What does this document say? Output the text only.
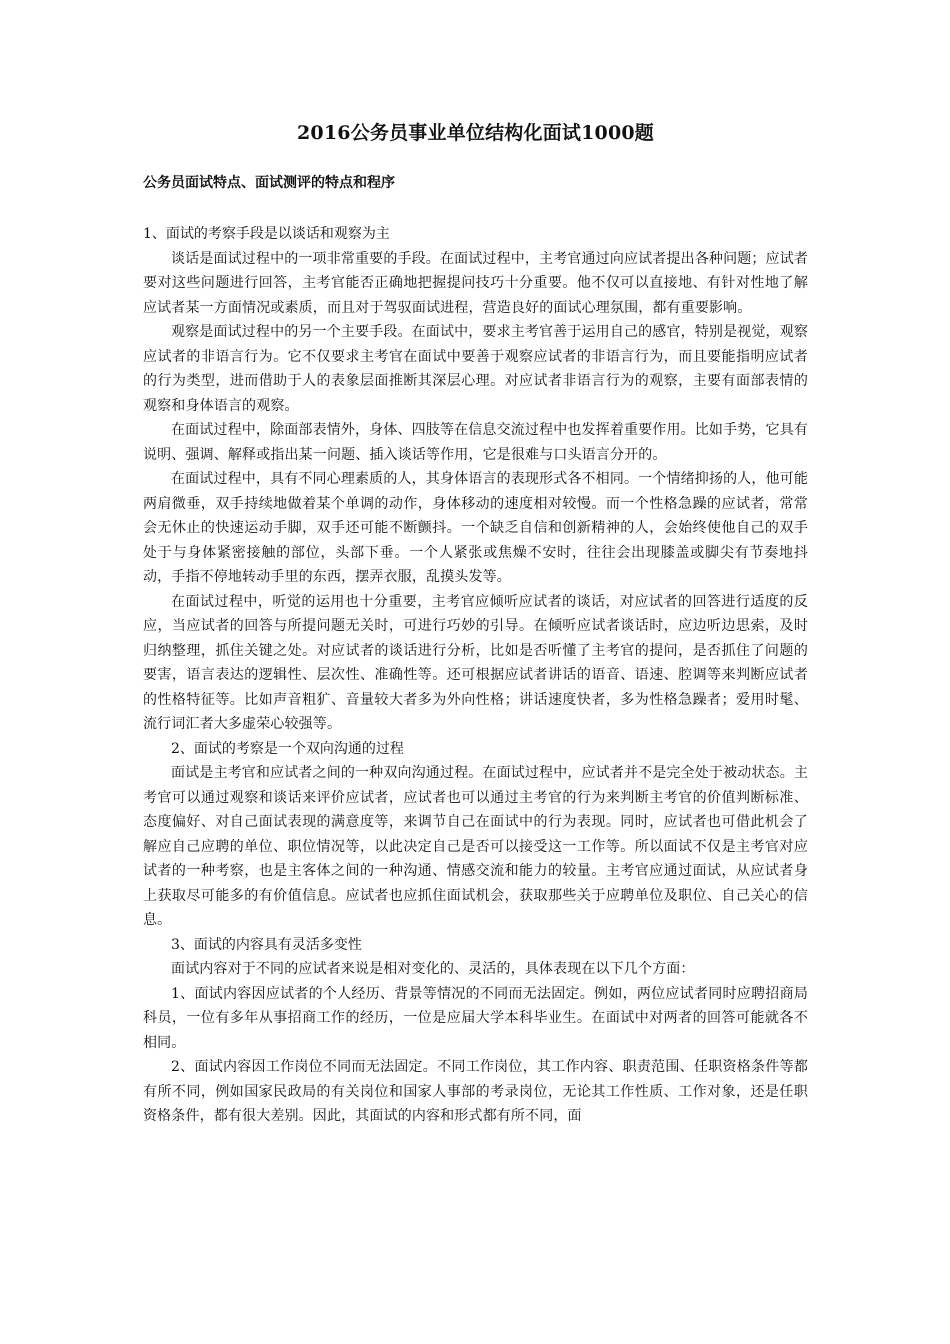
2016公务员事业单位结构化面试1000题
公务员面试特点、面试测评的特点和程序

1、面试的考察手段是以谈话和观察为主

谈话是面试过程中的一项非常重要的手段。在面试过程中，主考官通过向应试者提出各种问题；应试者要对这些问题进行回答，主考官能否正确地把握提问技巧十分重要。他不仅可以直接地、有针对性地了解应试者某一方面情况或素质，而且对于驾驭面试进程，营造良好的面试心理氛围，都有重要影响。

观察是面试过程中的另一个主要手段。在面试中，要求主考官善于运用自己的感官，特别是视觉，观察应试者的非语言行为。它不仅要求主考官在面试中要善于观察应试者的非语言行为，而且要能指明应试者的行为类型，进而借助于人的表象层面推断其深层心理。对应试者非语言行为的观察，主要有面部表情的观察和身体语言的观察。

在面试过程中，除面部表情外，身体、四肢等在信息交流过程中也发挥着重要作用。比如手势，它具有说明、强调、解释或指出某一问题、插入谈话等作用，它是很难与口头语言分开的。

在面试过程中，具有不同心理素质的人，其身体语言的表现形式各不相同。一个情绪抑扬的人，他可能两肩微垂，双手持续地做着某个单调的动作，身体移动的速度相对较慢。而一个性格急躁的应试者，常常会无休止的快速运动手脚，双手还可能不断颤抖。一个缺乏自信和创新精神的人，会始终使他自己的双手处于与身体紧密接触的部位，头部下垂。一个人紧张或焦燥不安时，往往会出现膝盖或脚尖有节奏地抖动，手指不停地转动手里的东西，摆弄衣服，乱摸头发等。

在面试过程中，听觉的运用也十分重要，主考官应倾听应试者的谈话，对应试者的回答进行适度的反应，当应试者的回答与所提问题无关时，可进行巧妙的引导。在倾听应试者谈话时，应边听边思索，及时归纳整理，抓住关键之处。对应试者的谈话进行分析，比如是否听懂了主考官的提问，是否抓住了问题的要害，语言表达的逻辑性、层次性、准确性等。还可根据应试者讲话的语音、语速、腔调等来判断应试者的性格特征等。比如声音粗犷、音量较大者多为外向性格；讲话速度快者，多为性格急躁者；爱用时髦、流行词汇者大多虚荣心较强等。

2、面试的考察是一个双向沟通的过程

面试是主考官和应试者之间的一种双向沟通过程。在面试过程中，应试者并不是完全处于被动状态。主考官可以通过观察和谈话来评价应试者，应试者也可以通过主考官的行为来判断主考官的价值判断标准、态度偏好、对自己面试表现的满意度等，来调节自己在面试中的行为表现。同时，应试者也可借此机会了解应自己应聘的单位、职位情况等，以此决定自己是否可以接受这一工作等。所以面试不仅是主考官对应试者的一种考察，也是主客体之间的一种沟通、情感交流和能力的较量。主考官应通过面试，从应试者身上获取尽可能多的有价值信息。应试者也应抓住面试机会，获取那些关于应聘单位及职位、自己关心的信息。

3、面试的内容具有灵活多变性

面试内容对于不同的应试者来说是相对变化的、灵活的，具体表现在以下几个方面：

1、面试内容因应试者的个人经历、背景等情况的不同而无法固定。例如，两位应试者同时应聘招商局科员，一位有多年从事招商工作的经历，一位是应届大学本科毕业生。在面试中对两者的回答可能就各不相同。

2、面试内容因工作岗位不同而无法固定。不同工作岗位，其工作内容、职责范围、任职资格条件等都有所不同，例如国家民政局的有关岗位和国家人事部的考录岗位，无论其工作性质、工作对象，还是任职资格条件，都有很大差别。因此，其面试的内容和形式都有所不同，面
